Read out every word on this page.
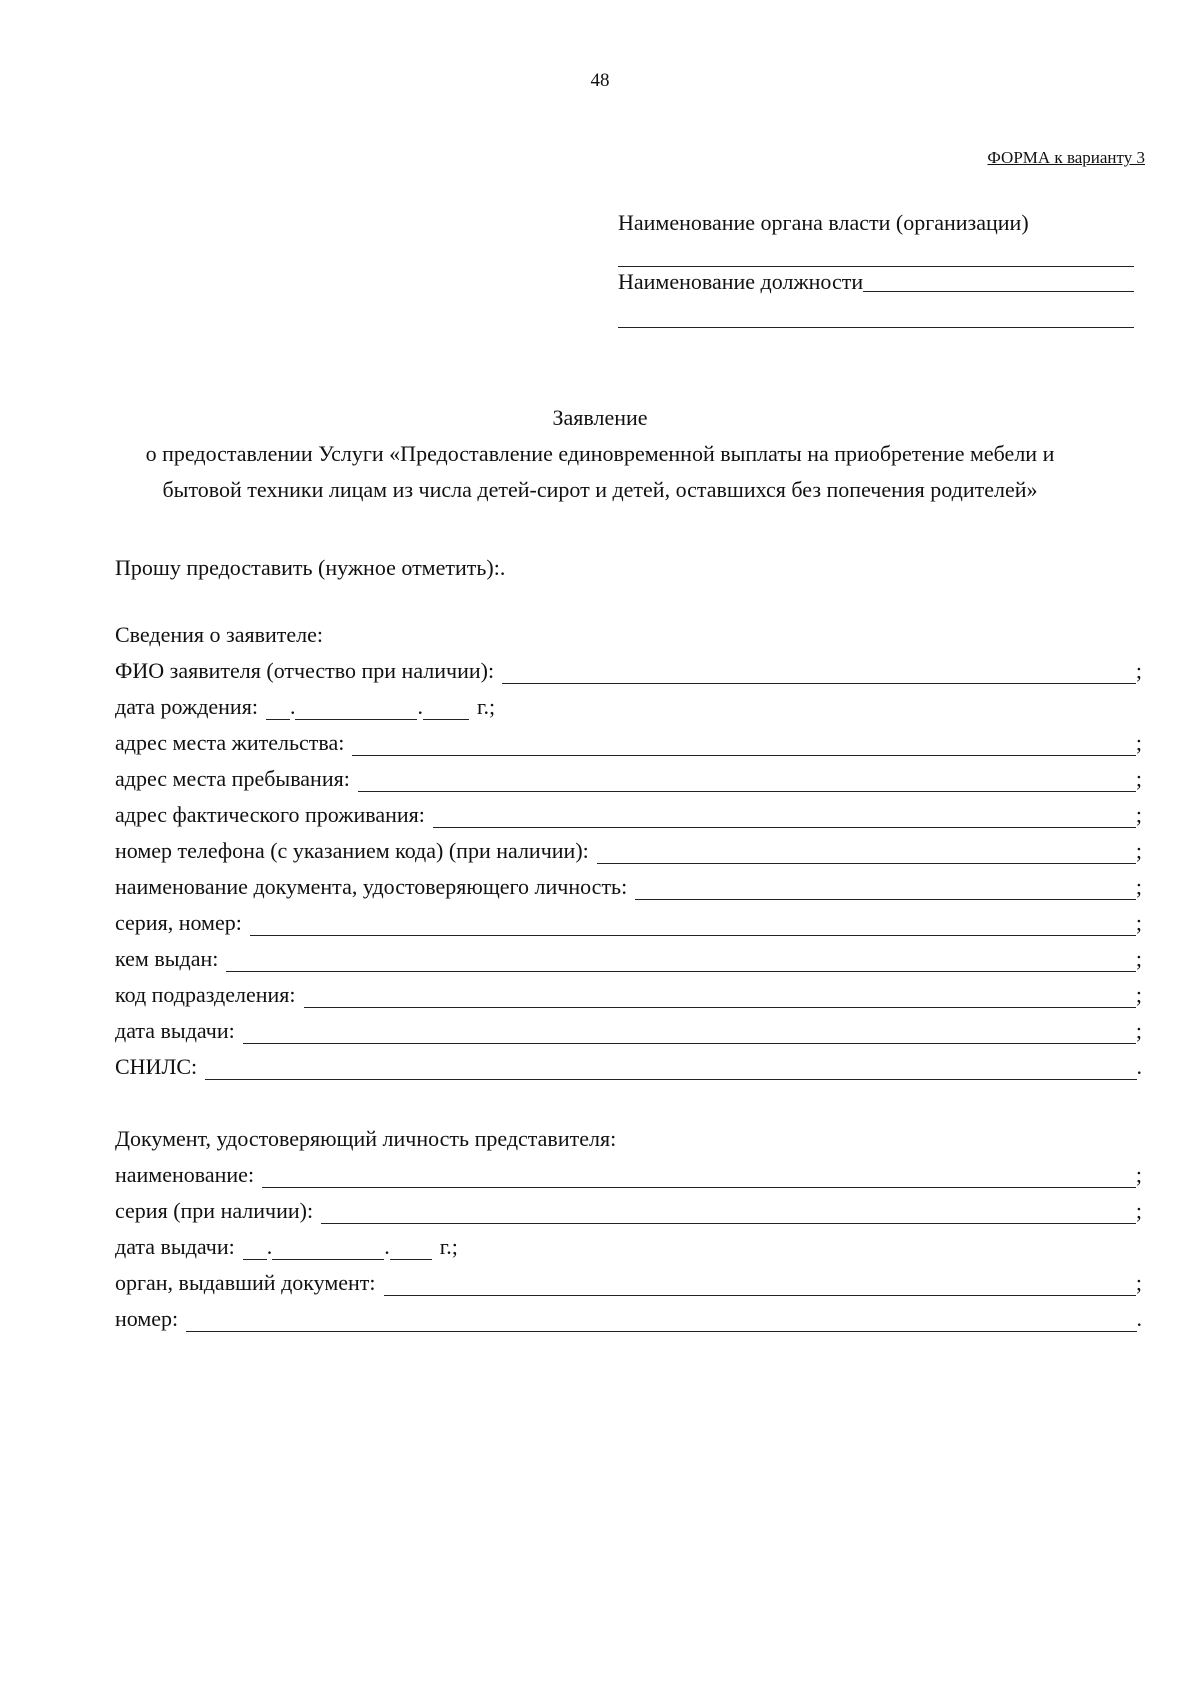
48
ФОРМА к варианту 3
Наименование органа власти (организации)
Наименование должности
Заявление
о предоставлении Услуги «Предоставление единовременной выплаты на приобретение мебели и
бытовой техники лицам из числа детей-сирот и детей, оставшихся без попечения родителей»
Прошу предоставить (нужное отметить):.
Сведения о заявителе:
ФИО заявителя (отчество при наличии):	;
дата рождения: .	. г.;
адрес места жительства:	;
адрес места пребывания:	;
адрес фактического проживания:	;
номер телефона (с указанием кода) (при наличии):	;
наименование документа, удостоверяющего личность:	;
серия, номер:	;
кем выдан:	;
код подразделения:	;
дата выдачи:	;
СНИЛС:	.
Документ, удостоверяющий личность представителя:
наименование:	;
серия (при наличии):	;
дата выдачи: .	. г.;
орган, выдавший документ:	;
номер:	.
